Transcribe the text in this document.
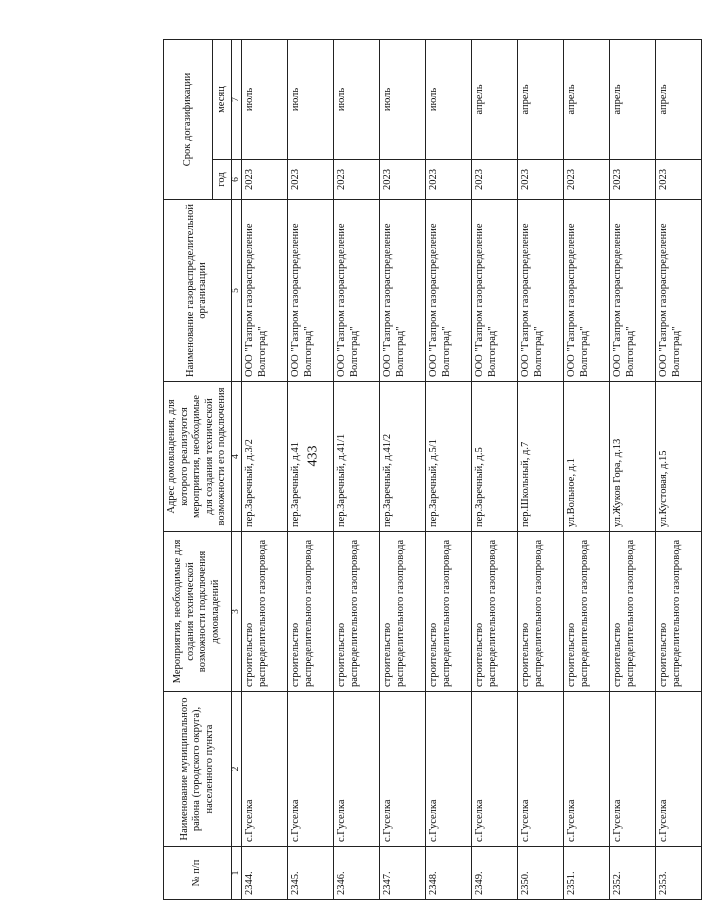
433
№ п/п	Наименование муниципального района (городского округа), населенного пункта	Мероприятия, необходимые для создания технической возможности подключения домовладений	Адрес домовладения, для которого реализуются мероприятия, необходимые для создания технической возможности его подключения	Наименование газораспределительной организации	Срок догазификации	
					год	месяц
1	2	3	4	5	6	7
2344.	с.Гуселка	строительство распределительного газопровода	пер.Заречный, д.3/2	ООО "Газпром газораспределение Волгоград"	2023	июль
2345.	с.Гуселка	строительство распределительного газопровода	пер.Заречный, д.41	ООО "Газпром газораспределение Волгоград"	2023	июль
2346.	с.Гуселка	строительство распределительного газопровода	пер.Заречный, д.41/1	ООО "Газпром газораспределение Волгоград"	2023	июль
2347.	с.Гуселка	строительство распределительного газопровода	пер.Заречный, д.41/2	ООО "Газпром газораспределение Волгоград"	2023	июль
2348.	с.Гуселка	строительство распределительного газопровода	пер.Заречный, д.5/1	ООО "Газпром газораспределение Волгоград"	2023	июль
2349.	с.Гуселка	строительство распределительного газопровода	пер.Заречный, д.5	ООО "Газпром газораспределение Волгоград"	2023	апрель
2350.	с.Гуселка	строительство распределительного газопровода	пер.Школьный, д.7	ООО "Газпром газораспределение Волгоград"	2023	апрель
2351.	с.Гуселка	строительство распределительного газопровода	ул.Вольное, д.1	ООО "Газпром газораспределение Волгоград"	2023	апрель
2352.	с.Гуселка	строительство распределительного газопровода	ул.Жуков Гора, д.13	ООО "Газпром газораспределение Волгоград"	2023	апрель
2353.	с.Гуселка	строительство распределительного газопровода	ул.Кустовая, д.15	ООО "Газпром газораспределение Волгоград"	2023	апрель
